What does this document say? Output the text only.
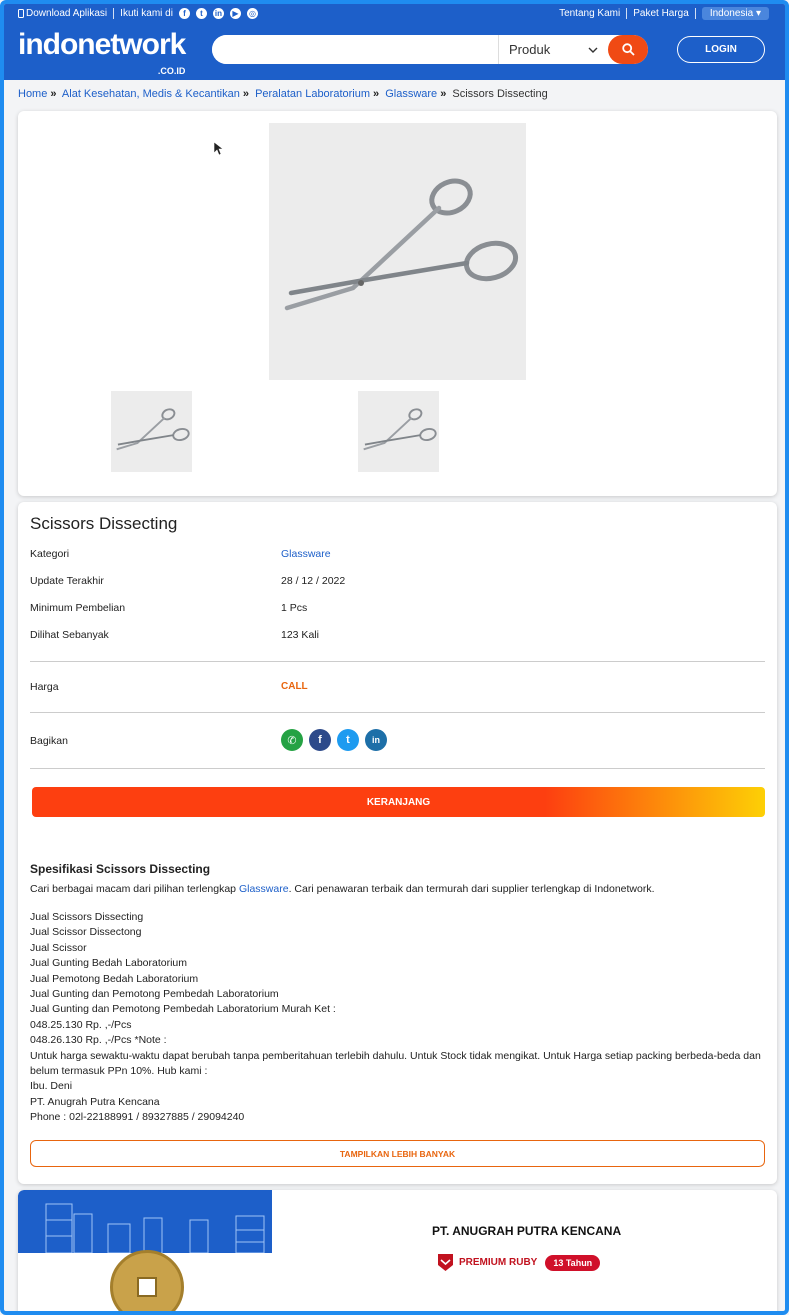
Download Aplikasi Ikuti kami di	f	t	in	▶	◎	Tentang Kami Paket Harga	Indonesia ▾
indonetwork
.CO.ID
Produk	LOGIN
Home » Alat Kesehatan, Medis & Kecantikan » Peralatan Laboratorium » Glassware » Scissors Dissecting
Scissors Dissecting
Kategori	Glassware
Update Terakhir	28 / 12 / 2022
Minimum Pembelian	1 Pcs
Dilihat Sebanyak	123 Kali
Harga	CALL
Bagikan	✆	f	t	in
KERANJANG
Spesifikasi Scissors Dissecting
Cari berbagai macam dari pilihan terlengkap Glassware. Cari penawaran terbaik dan termurah dari supplier terlengkap di Indonetwork.
Jual Scissors Dissecting
Jual Scissor Dissectong
Jual Scissor
Jual Gunting Bedah Laboratorium
Jual Pemotong Bedah Laboratorium
Jual Gunting dan Pemotong Pembedah Laboratorium
Jual Gunting dan Pemotong Pembedah Laboratorium Murah Ket :
048.25.130 Rp. ,-/Pcs
048.26.130 Rp. ,-/Pcs *Note :
Untuk harga sewaktu-waktu dapat berubah tanpa pemberitahuan terlebih dahulu. Untuk Stock tidak mengikat. Untuk Harga setiap packing berbeda-beda dan belum termasuk PPn 10%. Hub kami :
Ibu. Deni
PT. Anugrah Putra Kencana
Phone : 02l-22188991 / 89327885 / 29094240
TAMPILKAN LEBIH BANYAK
PT. ANUGRAH PUTRA KENCANA
PREMIUM RUBY	13 Tahun
